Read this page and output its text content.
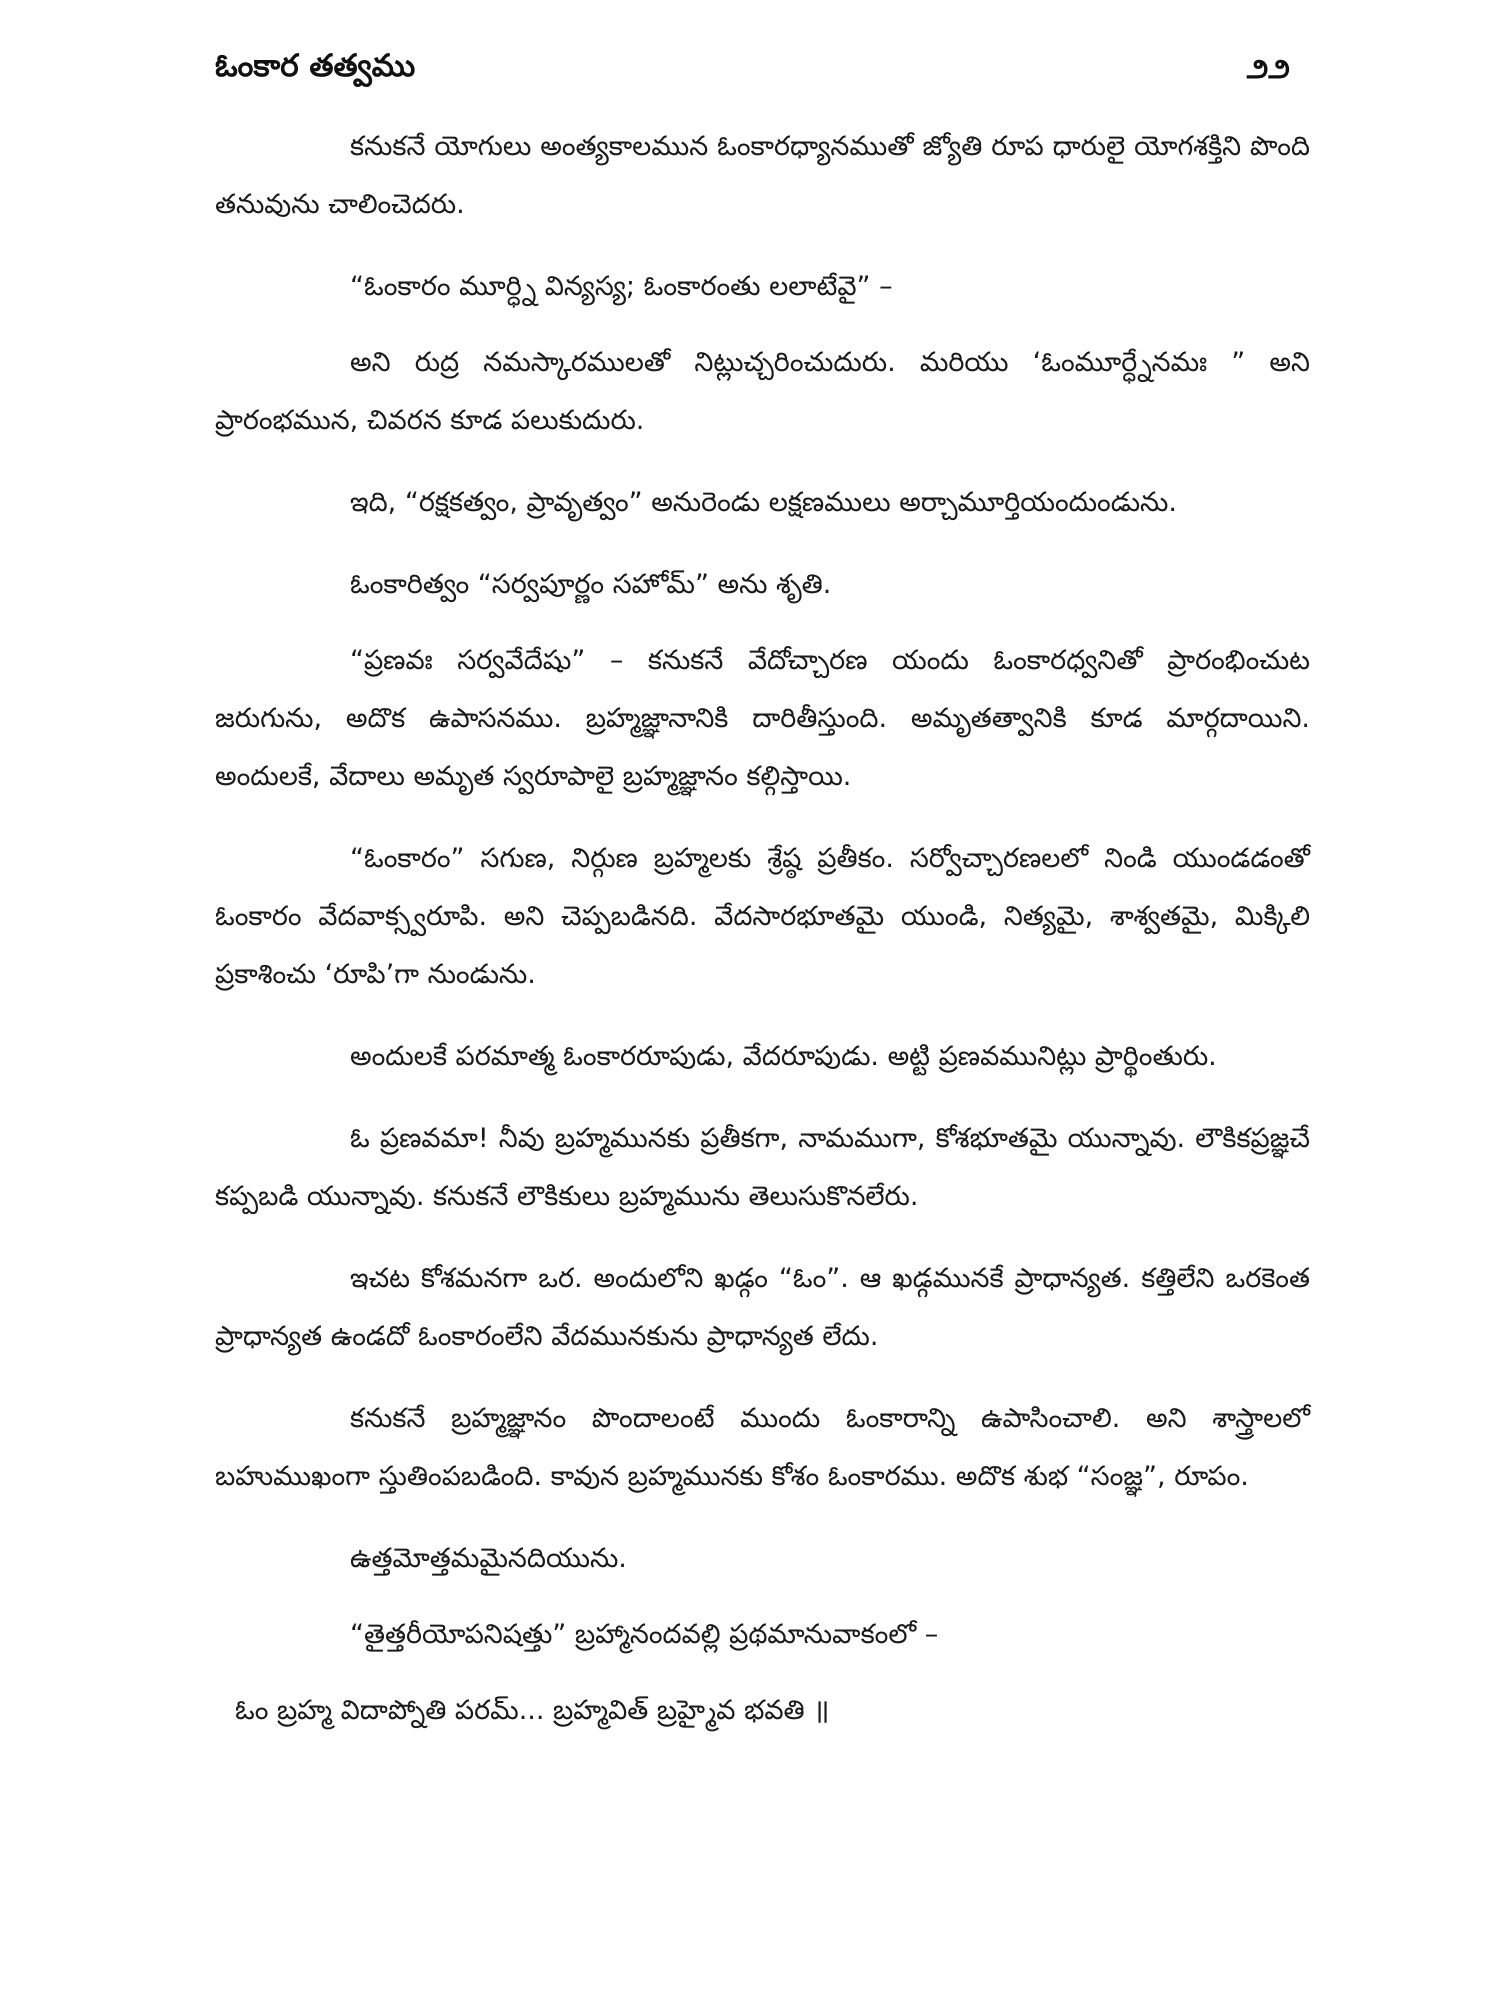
ఓంకార తత్వము	౨౨

కనుకనే యోగులు అంత్యకాలమున ఓంకారధ్యానముతో జ్యోతి రూప ధారులై యోగశక్తిని పొంది తనువును చాలించెదరు.

“ఓంకారం మూర్ధ్ని విన్యస్య; ఓంకారంతు లలాటేవై” –

అని రుద్ర నమస్కారములతో నిట్లుచ్చరించుదురు. మరియు ‘ఓంమూర్ధ్నేనమః ” అని ప్రారంభమున, చివరన కూడ పలుకుదురు.

ఇది, “రక్షకత్వం, ప్రావృత్వం” అనురెండు లక్షణములు అర్చామూర్తియందుండును.

ఓంకారిత్వం “సర్వపూర్ణం సహోమ్” అను శృతి.

“ప్రణవః సర్వవేదేషు” – కనుకనే వేదోచ్చారణ యందు ఓంకారధ్వనితో ప్రారంభించుట జరుగును, అదొక ఉపాసనము. బ్రహ్మజ్ఞానానికి దారితీస్తుంది. అమృతత్వానికి కూడ మార్గదాయిని. అందులకే, వేదాలు అమృత స్వరూపాలై బ్రహ్మజ్ఞానం కల్గిస్తాయి.

“ఓంకారం” సగుణ, నిర్గుణ బ్రహ్మలకు శ్రేష్ఠ ప్రతీకం. సర్వోచ్చారణలలో నిండి యుండడంతో ఓంకారం వేదవాక్స్వరూపి. అని చెప్పబడినది. వేదసారభూతమై యుండి, నిత్యమై, శాశ్వతమై, మిక్కిలి ప్రకాశించు ‘రూపి’గా నుండును.

అందులకే పరమాత్మ ఓంకారరూపుడు, వేదరూపుడు. అట్టి ప్రణవమునిట్లు ప్రార్థింతురు.

ఓ ప్రణవమా! నీవు బ్రహ్మమునకు ప్రతీకగా, నామముగా, కోశభూతమై యున్నావు. లౌకికప్రజ్ఞచే కప్పబడి యున్నావు. కనుకనే లౌకికులు బ్రహ్మమును తెలుసుకొనలేరు.

ఇచట కోశమనగా ఒర. అందులోని ఖడ్గం “ఓం”. ఆ ఖడ్గమునకే ప్రాధాన్యత. కత్తిలేని ఒరకెంత ప్రాధాన్యత ఉండదో ఓంకారంలేని వేదమునకును ప్రాధాన్యత లేదు.

కనుకనే బ్రహ్మజ్ఞానం పొందాలంటే ముందు ఓంకారాన్ని ఉపాసించాలి. అని శాస్త్రాలలో బహుముఖంగా స్తుతింపబడింది. కావున బ్రహ్మమునకు కోశం ఓంకారము. అదొక శుభ “సంజ్ఞ”, రూపం.

ఉత్తమోత్తమమైనదియును.

“తైత్తరీయోపనిషత్తు” బ్రహ్మానందవల్లి ప్రథమానువాకంలో –

ఓం బ్రహ్మ విదాప్నోతి పరమ్... బ్రహ్మవిత్ బ్రహ్మైవ భవతి ॥
